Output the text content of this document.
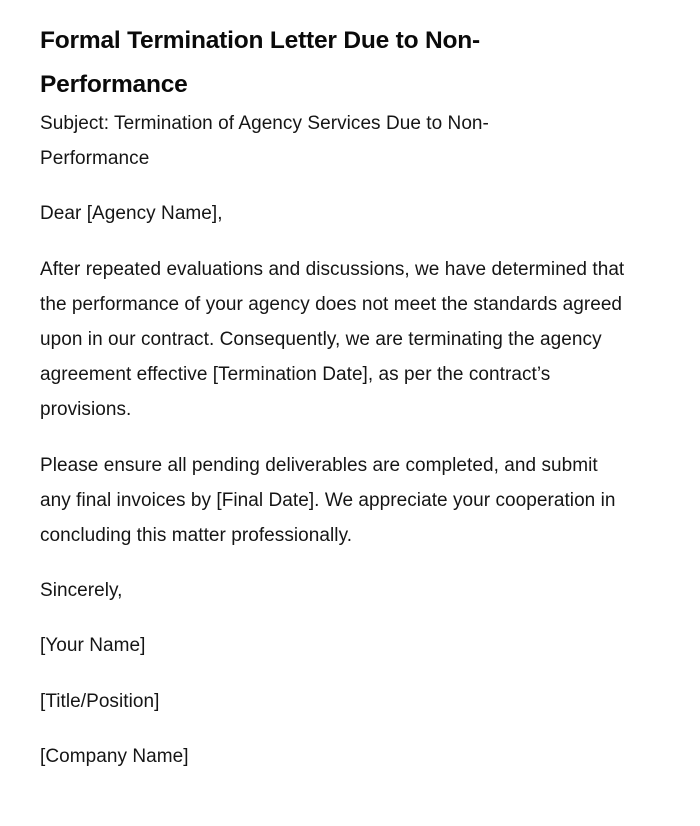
Formal Termination Letter Due to Non-Performance

Subject: Termination of Agency Services Due to Non-Performance

Dear [Agency Name],

After repeated evaluations and discussions, we have determined that the performance of your agency does not meet the standards agreed upon in our contract. Consequently, we are terminating the agency agreement effective [Termination Date], as per the contract’s provisions.

Please ensure all pending deliverables are completed, and submit any final invoices by [Final Date]. We appreciate your cooperation in concluding this matter professionally.

Sincerely,

[Your Name]

[Title/Position]

[Company Name]
